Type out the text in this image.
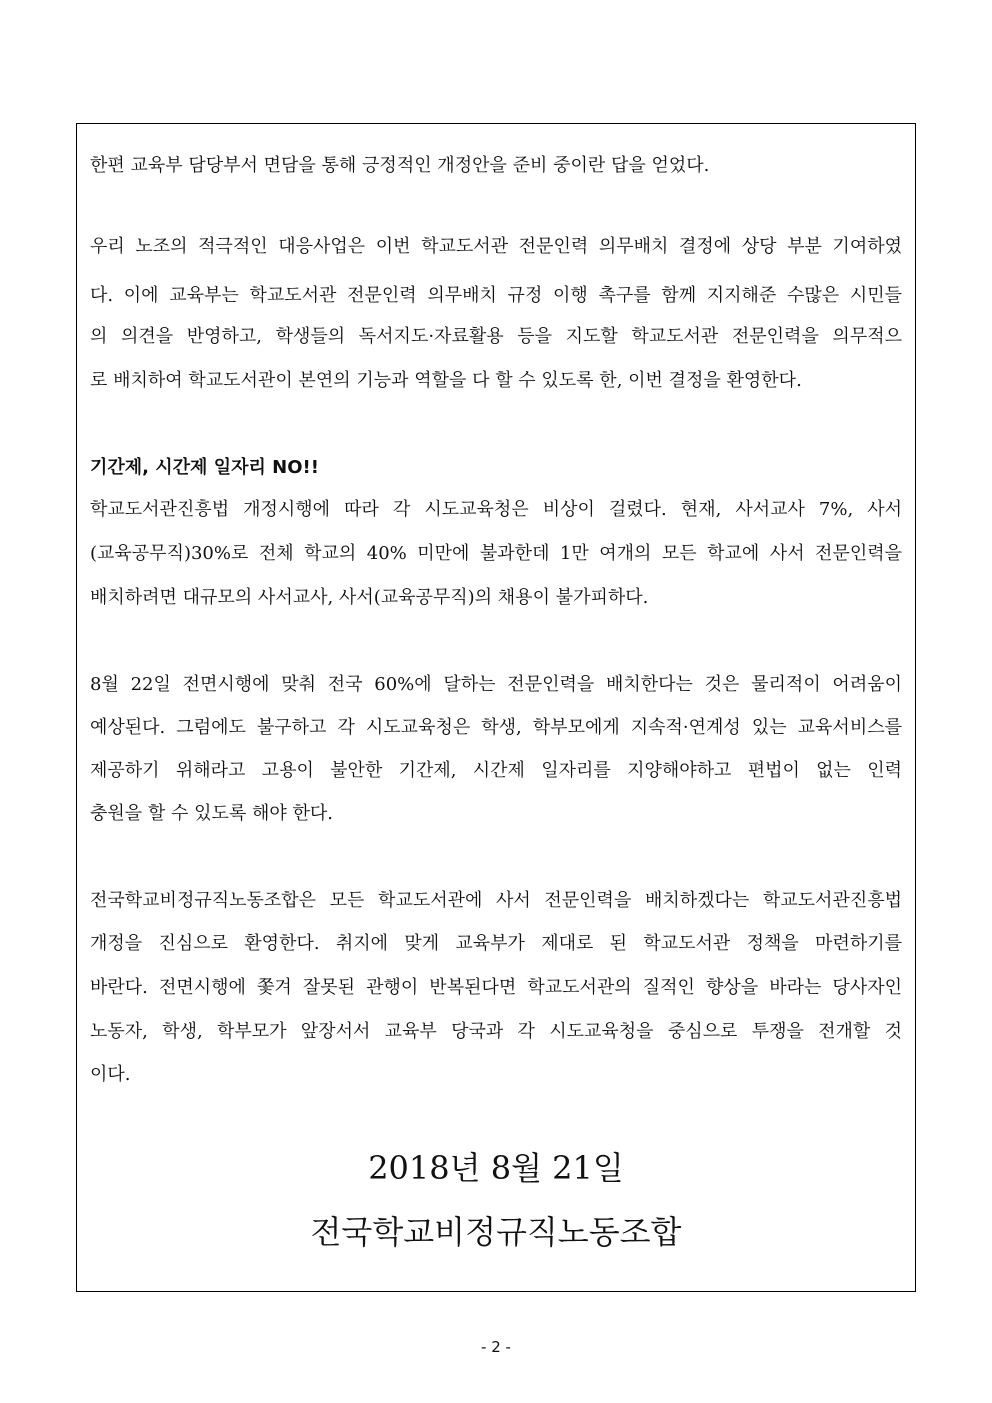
한편 교육부 담당부서 면담을 통해 긍정적인 개정안을 준비 중이란 답을 얻었다.
우리 노조의 적극적인 대응사업은 이번 학교도서관 전문인력 의무배치 결정에 상당 부분 기여하였
다. 이에 교육부는 학교도서관 전문인력 의무배치 규정 이행 촉구를 함께 지지해준 수많은 시민들
의 의견을 반영하고, 학생들의 독서지도·자료활용 등을 지도할 학교도서관 전문인력을 의무적으
로 배치하여 학교도서관이 본연의 기능과 역할을 다 할 수 있도록 한, 이번 결정을 환영한다.
기간제, 시간제 일자리 NO!!
학교도서관진흥법 개정시행에 따라 각 시도교육청은 비상이 걸렸다. 현재, 사서교사 7%, 사서
(교육공무직)30%로 전체 학교의 40% 미만에 불과한데 1만 여개의 모든 학교에 사서 전문인력을
배치하려면 대규모의 사서교사, 사서(교육공무직)의 채용이 불가피하다.
8월 22일 전면시행에 맞춰 전국 60%에 달하는 전문인력을 배치한다는 것은 물리적이 어려움이
예상된다. 그럼에도 불구하고 각 시도교육청은 학생, 학부모에게 지속적·연계성 있는 교육서비스를
제공하기 위해라고 고용이 불안한 기간제, 시간제 일자리를 지양해야하고 편법이 없는 인력
충원을 할 수 있도록 해야 한다.
전국학교비정규직노동조합은 모든 학교도서관에 사서 전문인력을 배치하겠다는 학교도서관진흥법
개정을 진심으로 환영한다. 취지에 맞게 교육부가 제대로 된 학교도서관 정책을 마련하기를
바란다. 전면시행에 쫓겨 잘못된 관행이 반복된다면 학교도서관의 질적인 향상을 바라는 당사자인
노동자, 학생, 학부모가 앞장서서 교육부 당국과 각 시도교육청을 중심으로 투쟁을 전개할 것
이다.
2018년 8월 21일
전국학교비정규직노동조합
- 2 -
